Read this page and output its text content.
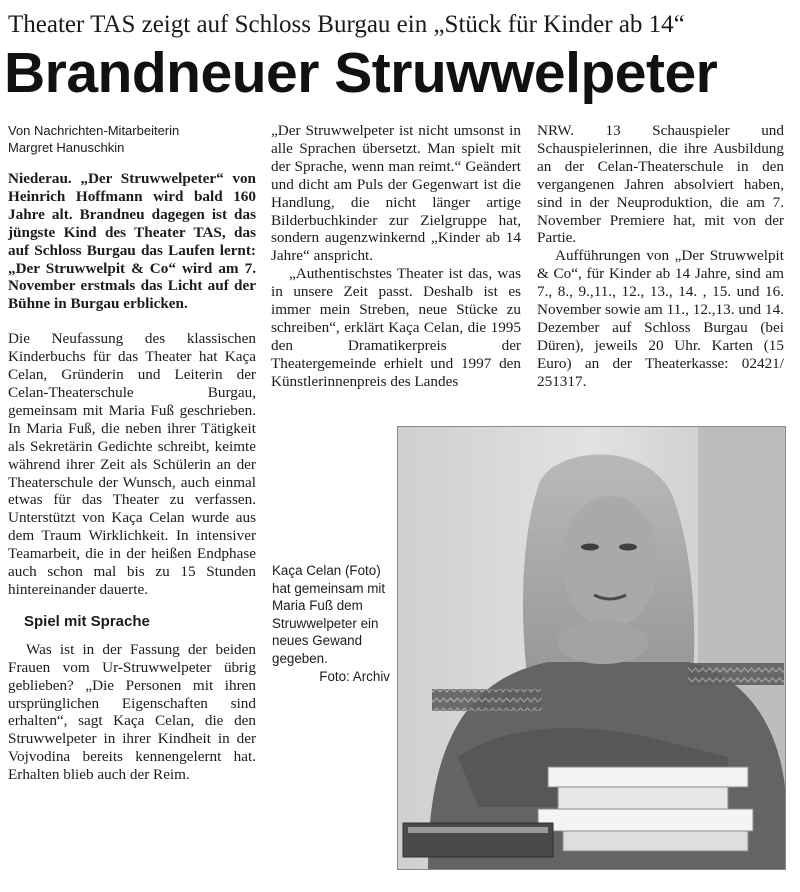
Theater TAS zeigt auf Schloss Burgau ein „Stück für Kinder ab 14“
Brandneuer Struwwelpeter

Von Nachrichten-Mitarbeiterin
Margret Hanuschkin

Niederau. „Der Struwwelpeter“ von Heinrich Hoffmann wird bald 160 Jahre alt. Brandneu dagegen ist das jüngste Kind des Theater TAS, das auf Schloss Burgau das Laufen lernt: „Der Struwwelpit & Co“ wird am 7. November erstmals das Licht auf der Bühne in Burgau erblicken.

Die Neufassung des klassischen Kinderbuchs für das Theater hat Kaça Celan, Gründerin und Leiterin der Celan-Theaterschule Burgau, gemeinsam mit Maria Fuß geschrieben. In Maria Fuß, die neben ihrer Tätigkeit als Sekretärin Gedichte schreibt, keimte während ihrer Zeit als Schülerin an der Theaterschule der Wunsch, auch einmal etwas für das Theater zu verfassen. Unterstützt von Kaça Celan wurde aus dem Traum Wirklichkeit. In intensiver Teamarbeit, die in der heißen Endphase auch schon mal bis zu 15 Stunden hintereinander dauerte.

Spiel mit Sprache

Was ist in der Fassung der beiden Frauen vom Ur-Struwwelpeter übrig geblieben? „Die Personen mit ihren ursprünglichen Eigenschaften sind erhalten“, sagt Kaça Celan, die den Struwwelpeter in ihrer Kindheit in der Vojvodina bereits kennengelernt hat. Erhalten blieb auch der Reim.

„Der Struwwelpeter ist nicht umsonst in alle Sprachen übersetzt. Man spielt mit der Sprache, wenn man reimt.“ Geändert und dicht am Puls der Gegenwart ist die Handlung, die nicht länger artige Bilderbuchkinder zur Zielgruppe hat, sondern augenzwinkernd „Kinder ab 14 Jahre“ anspricht.

„Authentischstes Theater ist das, was in unsere Zeit passt. Deshalb ist es immer mein Streben, neue Stücke zu schreiben“, erklärt Kaça Celan, die 1995 den Dramatikerpreis der Theatergemeinde erhielt und 1997 den Künstlerinnenpreis des Landes

NRW. 13 Schauspieler und Schauspielerinnen, die ihre Ausbildung an der Celan-Theaterschule in den vergangenen Jahren absolviert haben, sind in der Neuproduktion, die am 7. November Premiere hat, mit von der Partie.

Aufführungen von „Der Struwwelpit & Co“, für Kinder ab 14 Jahre, sind am 7., 8., 9.,11., 12., 13., 14. , 15. und 16. November sowie am 11., 12.,13. und 14. Dezember auf Schloss Burgau (bei Düren), jeweils 20 Uhr. Karten (15 Euro) an der Theaterkasse: 02421/ 251317.

Kaça Celan (Foto) hat gemeinsam mit Maria Fuß dem Struwwelpeter ein neues Gewand gegeben.
Foto: Archiv
